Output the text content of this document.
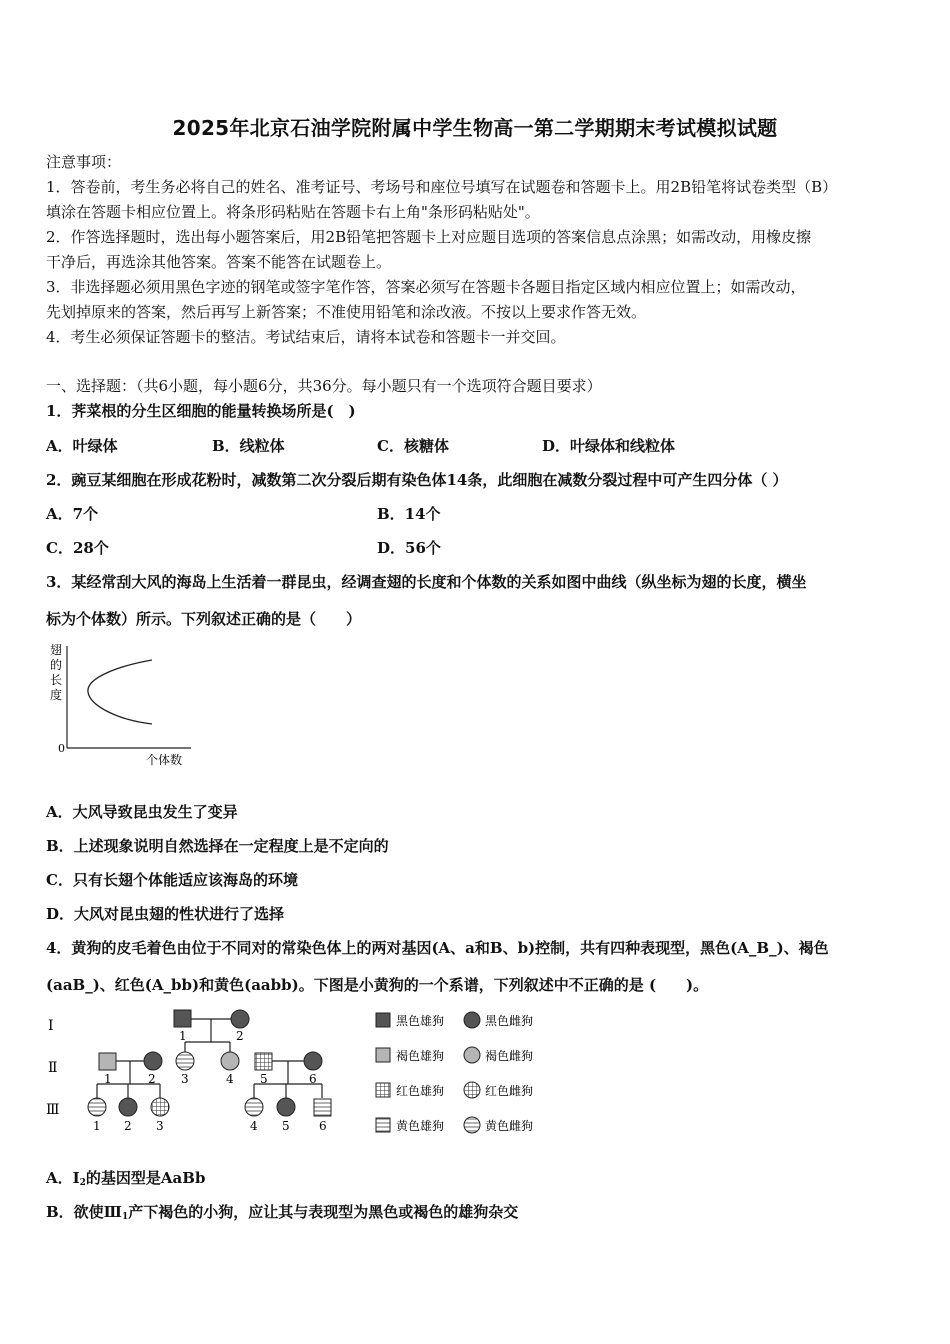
2025年北京石油学院附属中学生物高一第二学期期末考试模拟试题
注意事项：
1．答卷前，考生务必将自己的姓名、准考证号、考场号和座位号填写在试题卷和答题卡上。用2B铅笔将试卷类型（B）
填涂在答题卡相应位置上。将条形码粘贴在答题卡右上角"条形码粘贴处"。
2．作答选择题时，选出每小题答案后，用2B铅笔把答题卡上对应题目选项的答案信息点涂黑；如需改动，用橡皮擦
干净后，再选涂其他答案。答案不能答在试题卷上。
3．非选择题必须用黑色字迹的钢笔或签字笔作答，答案必须写在答题卡各题目指定区域内相应位置上；如需改动，
先划掉原来的答案，然后再写上新答案；不准使用铅笔和涂改液。不按以上要求作答无效。
4．考生必须保证答题卡的整洁。考试结束后，请将本试卷和答题卡一并交回。
一、选择题：（共6小题，每小题6分，共36分。每小题只有一个选项符合题目要求）
1．荠菜根的分生区细胞的能量转换场所是(　)
A．叶绿体	B．线粒体	C．核糖体	D．叶绿体和线粒体
2．豌豆某细胞在形成花粉时，减数第二次分裂后期有染色体14条，此细胞在减数分裂过程中可产生四分体（ ）
A．7个	B．14个
C．28个	D．56个
3．某经常刮大风的海岛上生活着一群昆虫，经调查翅的长度和个体数的关系如图中曲线（纵坐标为翅的长度，横坐
标为个体数）所示。下列叙述正确的是（　　）
翅
的
长
度
0
个体数
A．大风导致昆虫发生了变异
B．上述现象说明自然选择在一定程度上是不定向的
C．只有长翅个体能适应该海岛的环境
D．大风对昆虫翅的性状进行了选择
4．黄狗的皮毛着色由位于不同对的常染色体上的两对基因(A、a和B、b)控制，共有四种表现型，黑色(A_B_)、褐色
(aaB_)、红色(A_bb)和黄色(aabb)。下图是小黄狗的一个系谱，下列叙述中不正确的是 (　　)。
Ⅰ
Ⅱ
Ⅲ
1	2
1	2 3	4 5	6
1 2 3	4 5 6
黑色雄狗	黑色雌狗
褐色雄狗	褐色雌狗
红色雄狗	红色雌狗
黄色雄狗	黄色雌狗
A．$Ⅰ_2$的基因型是AaBb
B．欲使$Ⅲ_1$产下褐色的小狗，应让其与表现型为黑色或褐色的雄狗杂交
